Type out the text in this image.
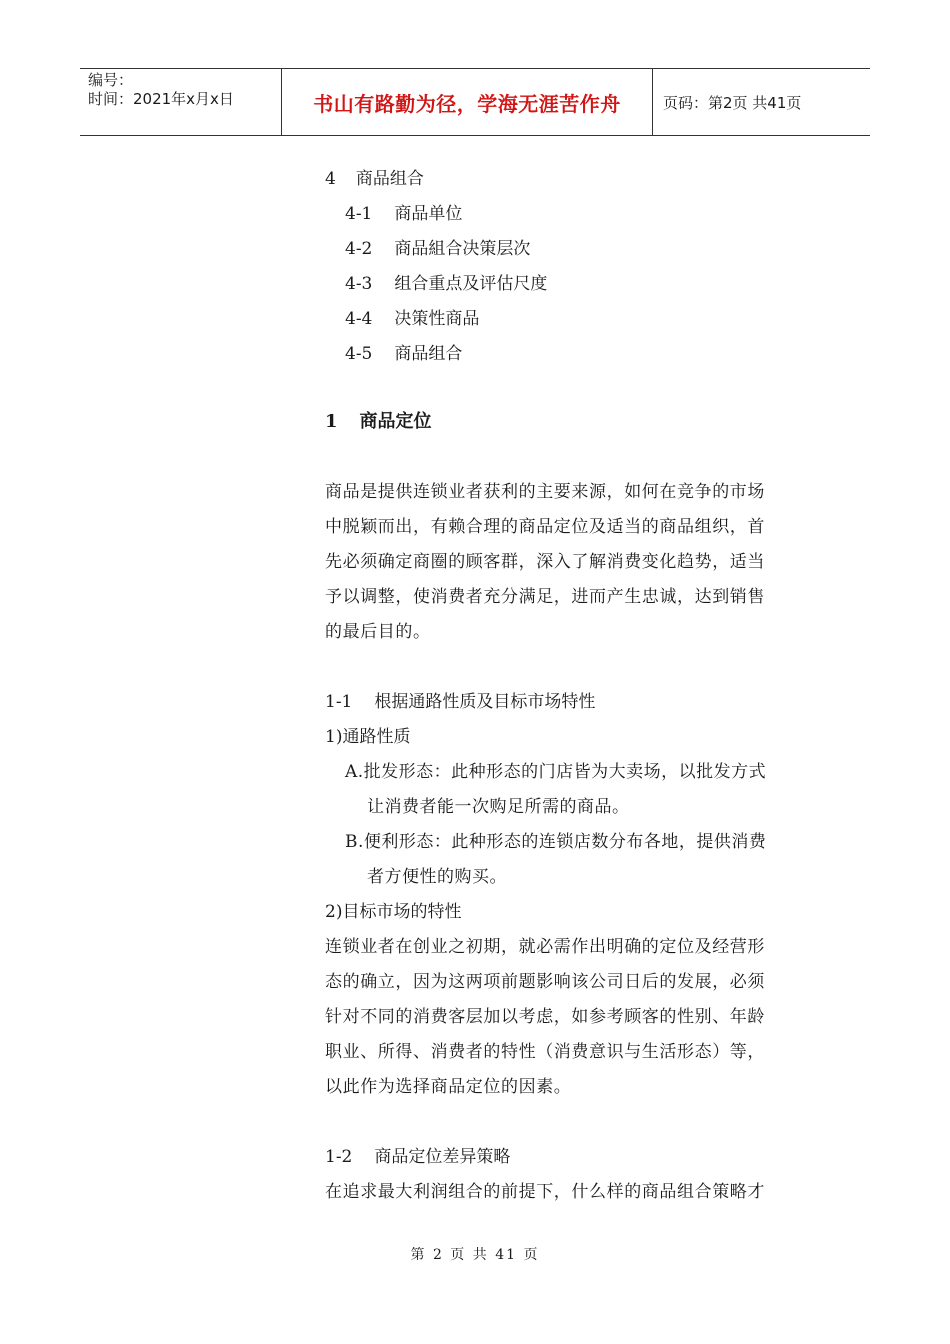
编号：
时间：2021年x月x日	书山有路勤为径，学海无涯苦作舟	页码：第2页 共41页
4 商品组合
4-1 商品单位
4-2 商品組合决策层次
4-3 组合重点及评估尺度
4-4 决策性商品
4-5 商品组合
1 商品定位
商品是提供连锁业者获利的主要来源，如何在竞争的市场
中脱颖而出，有赖合理的商品定位及适当的商品组织，首
先必须确定商圈的顾客群，深入了解消费变化趋势，适当
予以调整，使消费者充分满足，进而产生忠诚，达到销售
的最后目的。
1-1 根据通路性质及目标市场特性
1)通路性质
A.批发形态：此种形态的门店皆为大卖场，以批发方式
让消费者能一次购足所需的商品。
B.便利形态：此种形态的连锁店数分布各地，提供消费
者方便性的购买。
2)目标市场的特性
连锁业者在创业之初期，就必需作出明确的定位及经营形
态的确立，因为这两项前题影响该公司日后的发展，必须
针对不同的消费客层加以考虑，如参考顾客的性别、年龄
职业、所得、消费者的特性（消费意识与生活形态）等，
以此作为选择商品定位的因素。
1-2 商品定位差异策略
在追求最大利润组合的前提下，什么样的商品组合策略才
第 2 页 共 41 页
